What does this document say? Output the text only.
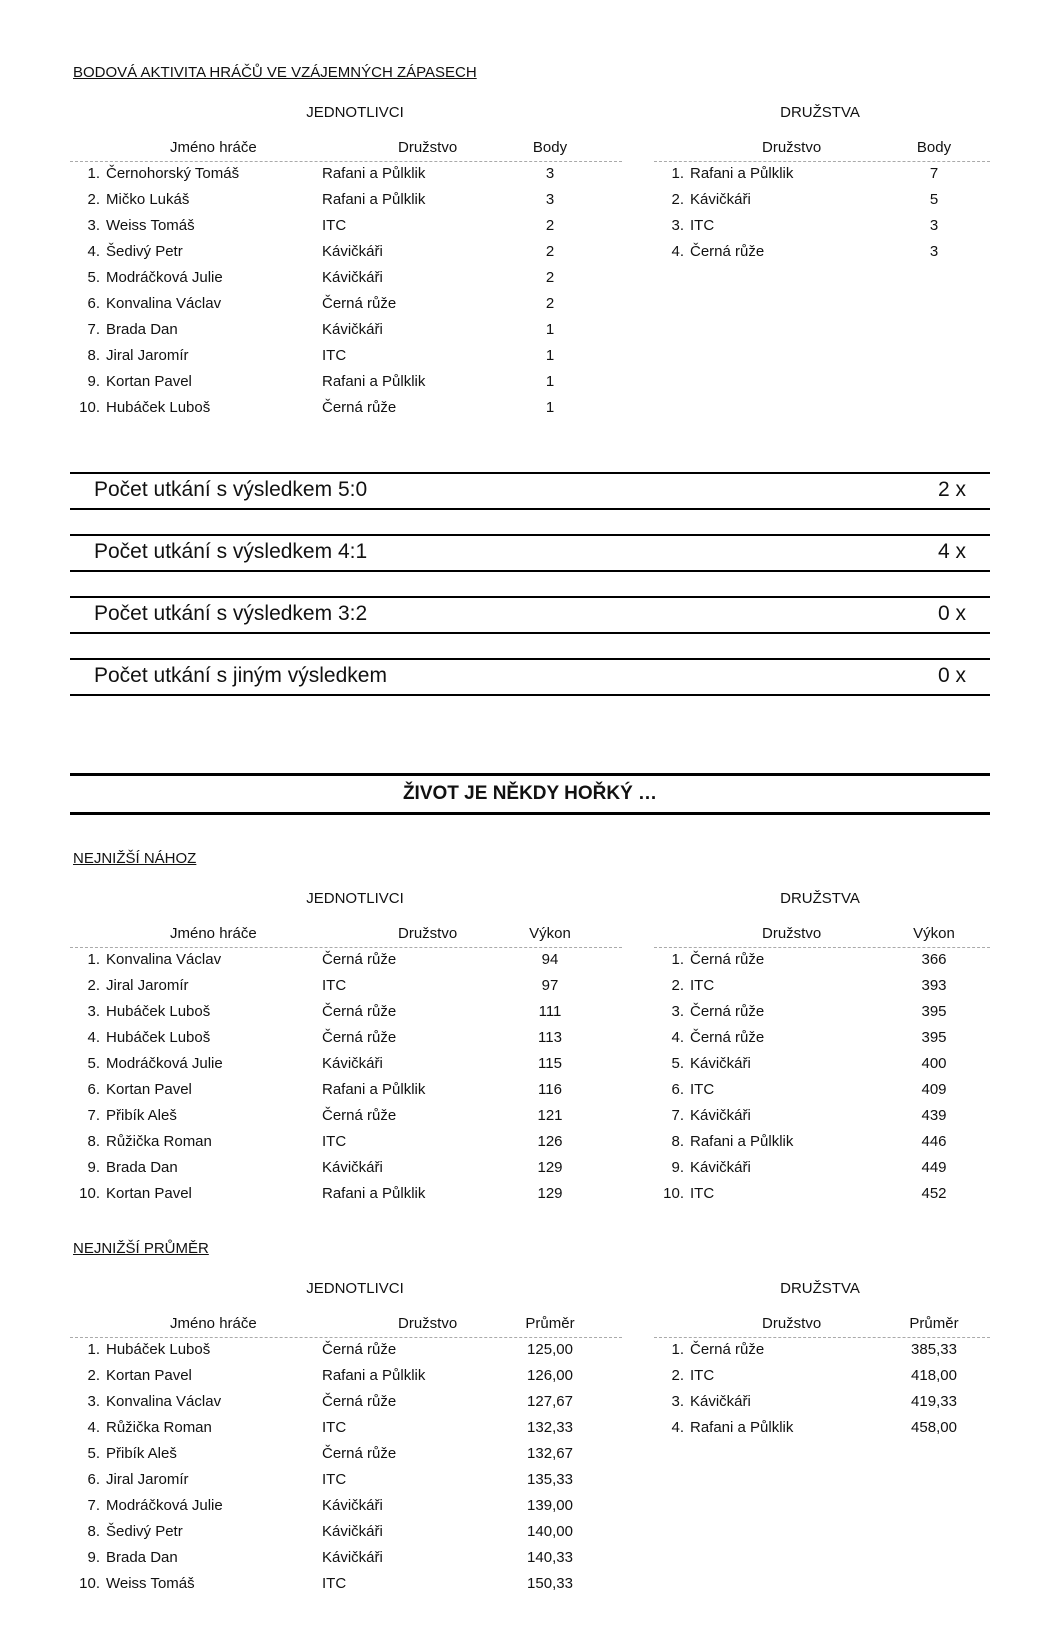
BODOVÁ AKTIVITA HRÁČŮ VE VZÁJEMNÝCH ZÁPASECH
JEDNOTLIVCI	DRUŽSTVA
Jméno hráče	Družstvo	Body
1. Černohorský Tomáš	Rafani a Půlklik	3
2. Mičko Lukáš	Rafani a Půlklik	3
3. Weiss Tomáš	ITC	2
4. Šedivý Petr	Kávičkáři	2
5. Modráčková Julie	Kávičkáři	2
6. Konvalina Václav	Černá růže	2
7. Brada Dan	Kávičkáři	1
8. Jiral Jaromír	ITC	1
9. Kortan Pavel	Rafani a Půlklik	1
10. Hubáček Luboš	Černá růže	1
Družstvo	Body
1. Rafani a Půlklik	7
2. Kávičkáři	5
3. ITC	3
4. Černá růže	3
Počet utkání s výsledkem 5:0	2 x
Počet utkání s výsledkem 4:1	4 x
Počet utkání s výsledkem 3:2	0 x
Počet utkání s jiným výsledkem	0 x
ŽIVOT JE NĚKDY HOŘKÝ …
NEJNIŽŠÍ NÁHOZ
JEDNOTLIVCI	DRUŽSTVA
Jméno hráče	Družstvo	Výkon
1. Konvalina Václav	Černá růže	94
2. Jiral Jaromír	ITC	97
3. Hubáček Luboš	Černá růže	111
4. Hubáček Luboš	Černá růže	113
5. Modráčková Julie	Kávičkáři	115
6. Kortan Pavel	Rafani a Půlklik	116
7. Přibík Aleš	Černá růže	121
8. Růžička Roman	ITC	126
9. Brada Dan	Kávičkáři	129
10. Kortan Pavel	Rafani a Půlklik	129
Družstvo	Výkon
1. Černá růže	366
2. ITC	393
3. Černá růže	395
4. Černá růže	395
5. Kávičkáři	400
6. ITC	409
7. Kávičkáři	439
8. Rafani a Půlklik	446
9. Kávičkáři	449
10. ITC	452
NEJNIŽŠÍ PRŮMĚR
JEDNOTLIVCI	DRUŽSTVA
Jméno hráče	Družstvo	Průměr
1. Hubáček Luboš	Černá růže	125,00
2. Kortan Pavel	Rafani a Půlklik	126,00
3. Konvalina Václav	Černá růže	127,67
4. Růžička Roman	ITC	132,33
5. Přibík Aleš	Černá růže	132,67
6. Jiral Jaromír	ITC	135,33
7. Modráčková Julie	Kávičkáři	139,00
8. Šedivý Petr	Kávičkáři	140,00
9. Brada Dan	Kávičkáři	140,33
10. Weiss Tomáš	ITC	150,33
Družstvo	Průměr
1. Černá růže	385,33
2. ITC	418,00
3. Kávičkáři	419,33
4. Rafani a Půlklik	458,00
